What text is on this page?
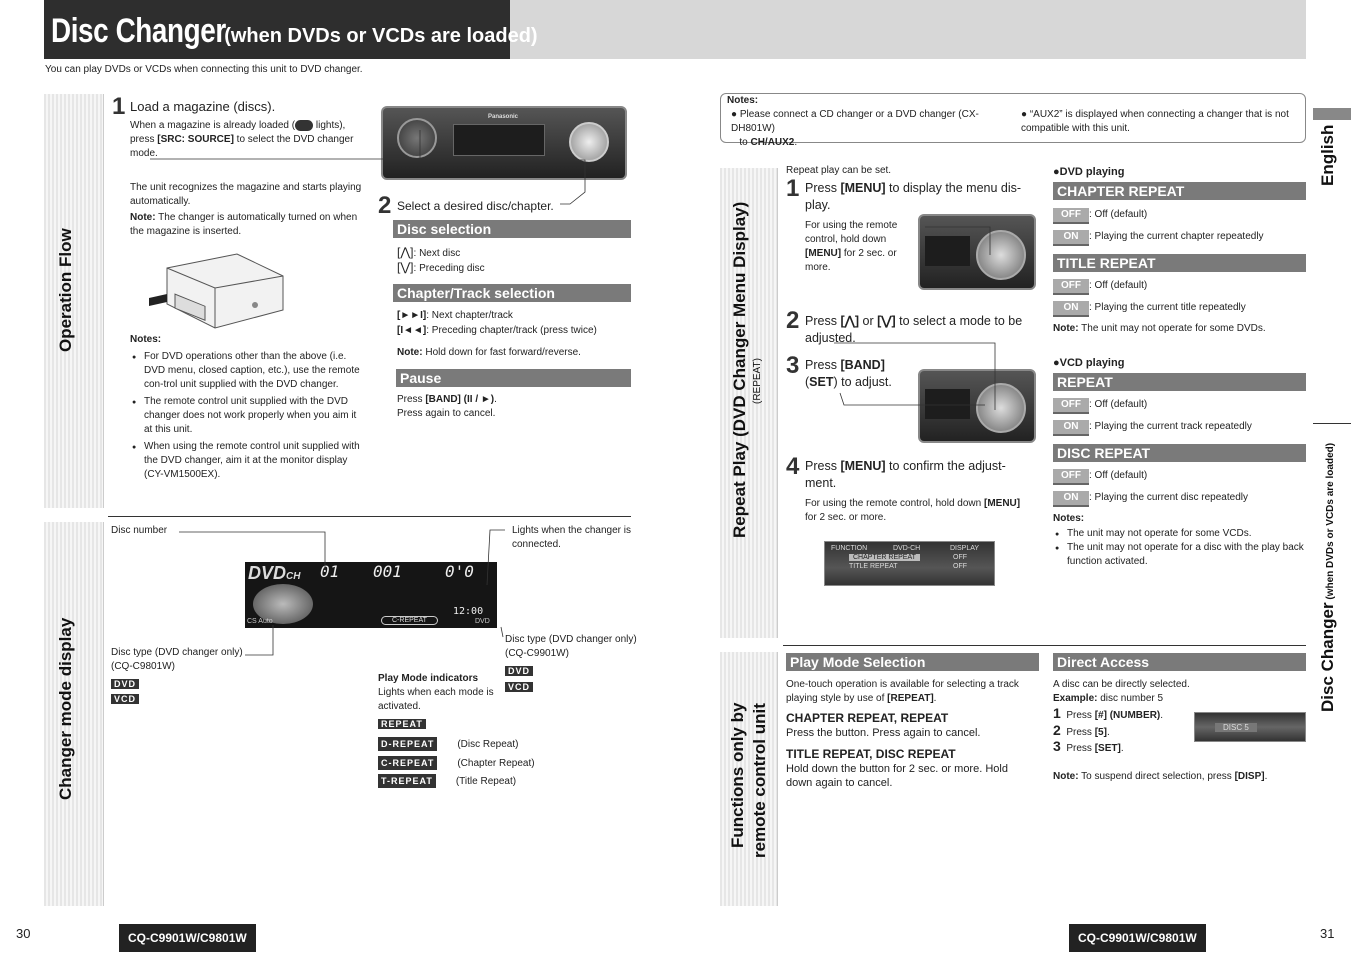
Disc Changer(when DVDs or VCDs are loaded)
You can play DVDs or VCDs when connecting this unit to DVD changer.
Operation Flow
Changer mode display
1 Load a magazine (discs).
When a magazine is already loaded ( lights),
press [SRC: SOURCE] to select the DVD changer
mode.
The unit recognizes the magazine and starts playing automatically.
Note: The changer is automatically turned on when the magazine is inserted.
Notes:
● For DVD operations other than the above (i.e. DVD menu, closed caption, etc.), use the remote con-trol unit supplied with the DVD changer.
● The remote control unit supplied with the DVD changer does not work properly when you aim it at this unit.
● When using the remote control unit supplied with the DVD changer, aim it at the monitor display (CY-VM1500EX).
Panasonic
2 Select a desired disc/chapter.
Disc selection
[⋀]: Next disc
[⋁]: Preceding disc
Chapter/Track selection
[►►I]: Next chapter/track
[I◄◄]: Preceding chapter/track (press twice)
Note: Hold down for fast forward/reverse.
Pause
Press [BAND] (II / ►).
Press again to cancel.
Disc number	Lights when the changer is connected.
DVDCH 01 001	0'0
12:00
CS Auto	C-REPEAT	DVD
Disc type (DVD changer only) (CQ-C9801W)
DVD
VCD
Disc type (DVD changer only) (CQ-C9901W)
DVD
VCD
Play Mode indicators
Lights when each mode is activated.
REPEAT
D-REPEAT (Disc Repeat)
C-REPEAT (Chapter Repeat)
T-REPEAT (Title Repeat)
30	CQ-C9901W/C9801W
Notes:
● Please connect a CD changer or a DVD changer (CX-DH801W)
to CH/AUX2.
● “AUX2” is displayed when connecting a changer that is not compatible with this unit.
Repeat Play (DVD Changer Menu Display) (REPEAT)
Functions only by remote control unit
English
Disc Changer (when DVDs or VCDs are loaded)
Repeat play can be set.
1 Press [MENU] to display the menu dis-play.
For using the remote control, hold down [MENU] for 2 sec. or more.
2 Press [⋀] or [⋁] to select a mode to be adjusted.
3 Press [BAND]
(SET) to adjust.
4 Press [MENU] to confirm the adjust-ment.
For using the remote control, hold down [MENU] for 2 sec. or more.
FUNCTION	DVD-CH	DISPLAY
CHAPTER REPEAT	OFF
TITLE REPEAT	OFF
●DVD playing
CHAPTER REPEAT
OFF : Off (default)
ON : Playing the current chapter repeatedly
TITLE REPEAT
OFF : Off (default)
ON : Playing the current title repeatedly
Note: The unit may not operate for some DVDs.
●VCD playing
REPEAT
OFF : Off (default)
ON : Playing the current track repeatedly
DISC REPEAT
OFF : Off (default)
ON : Playing the current disc repeatedly
Notes:
● The unit may not operate for some VCDs.
● The unit may not operate for a disc with the play back function activated.
Play Mode Selection
One-touch operation is available for selecting a track playing style by use of [REPEAT].
CHAPTER REPEAT, REPEAT
Press the button. Press again to cancel.
TITLE REPEAT, DISC REPEAT
Hold down the button for 2 sec. or more. Hold down again to cancel.
Direct Access
A disc can be directly selected.
Example: disc number 5
1 Press [#] (NUMBER).
2 Press [5].
3 Press [SET].
DISC 5
Note: To suspend direct selection, press [DISP].
CQ-C9901W/C9801W	31
